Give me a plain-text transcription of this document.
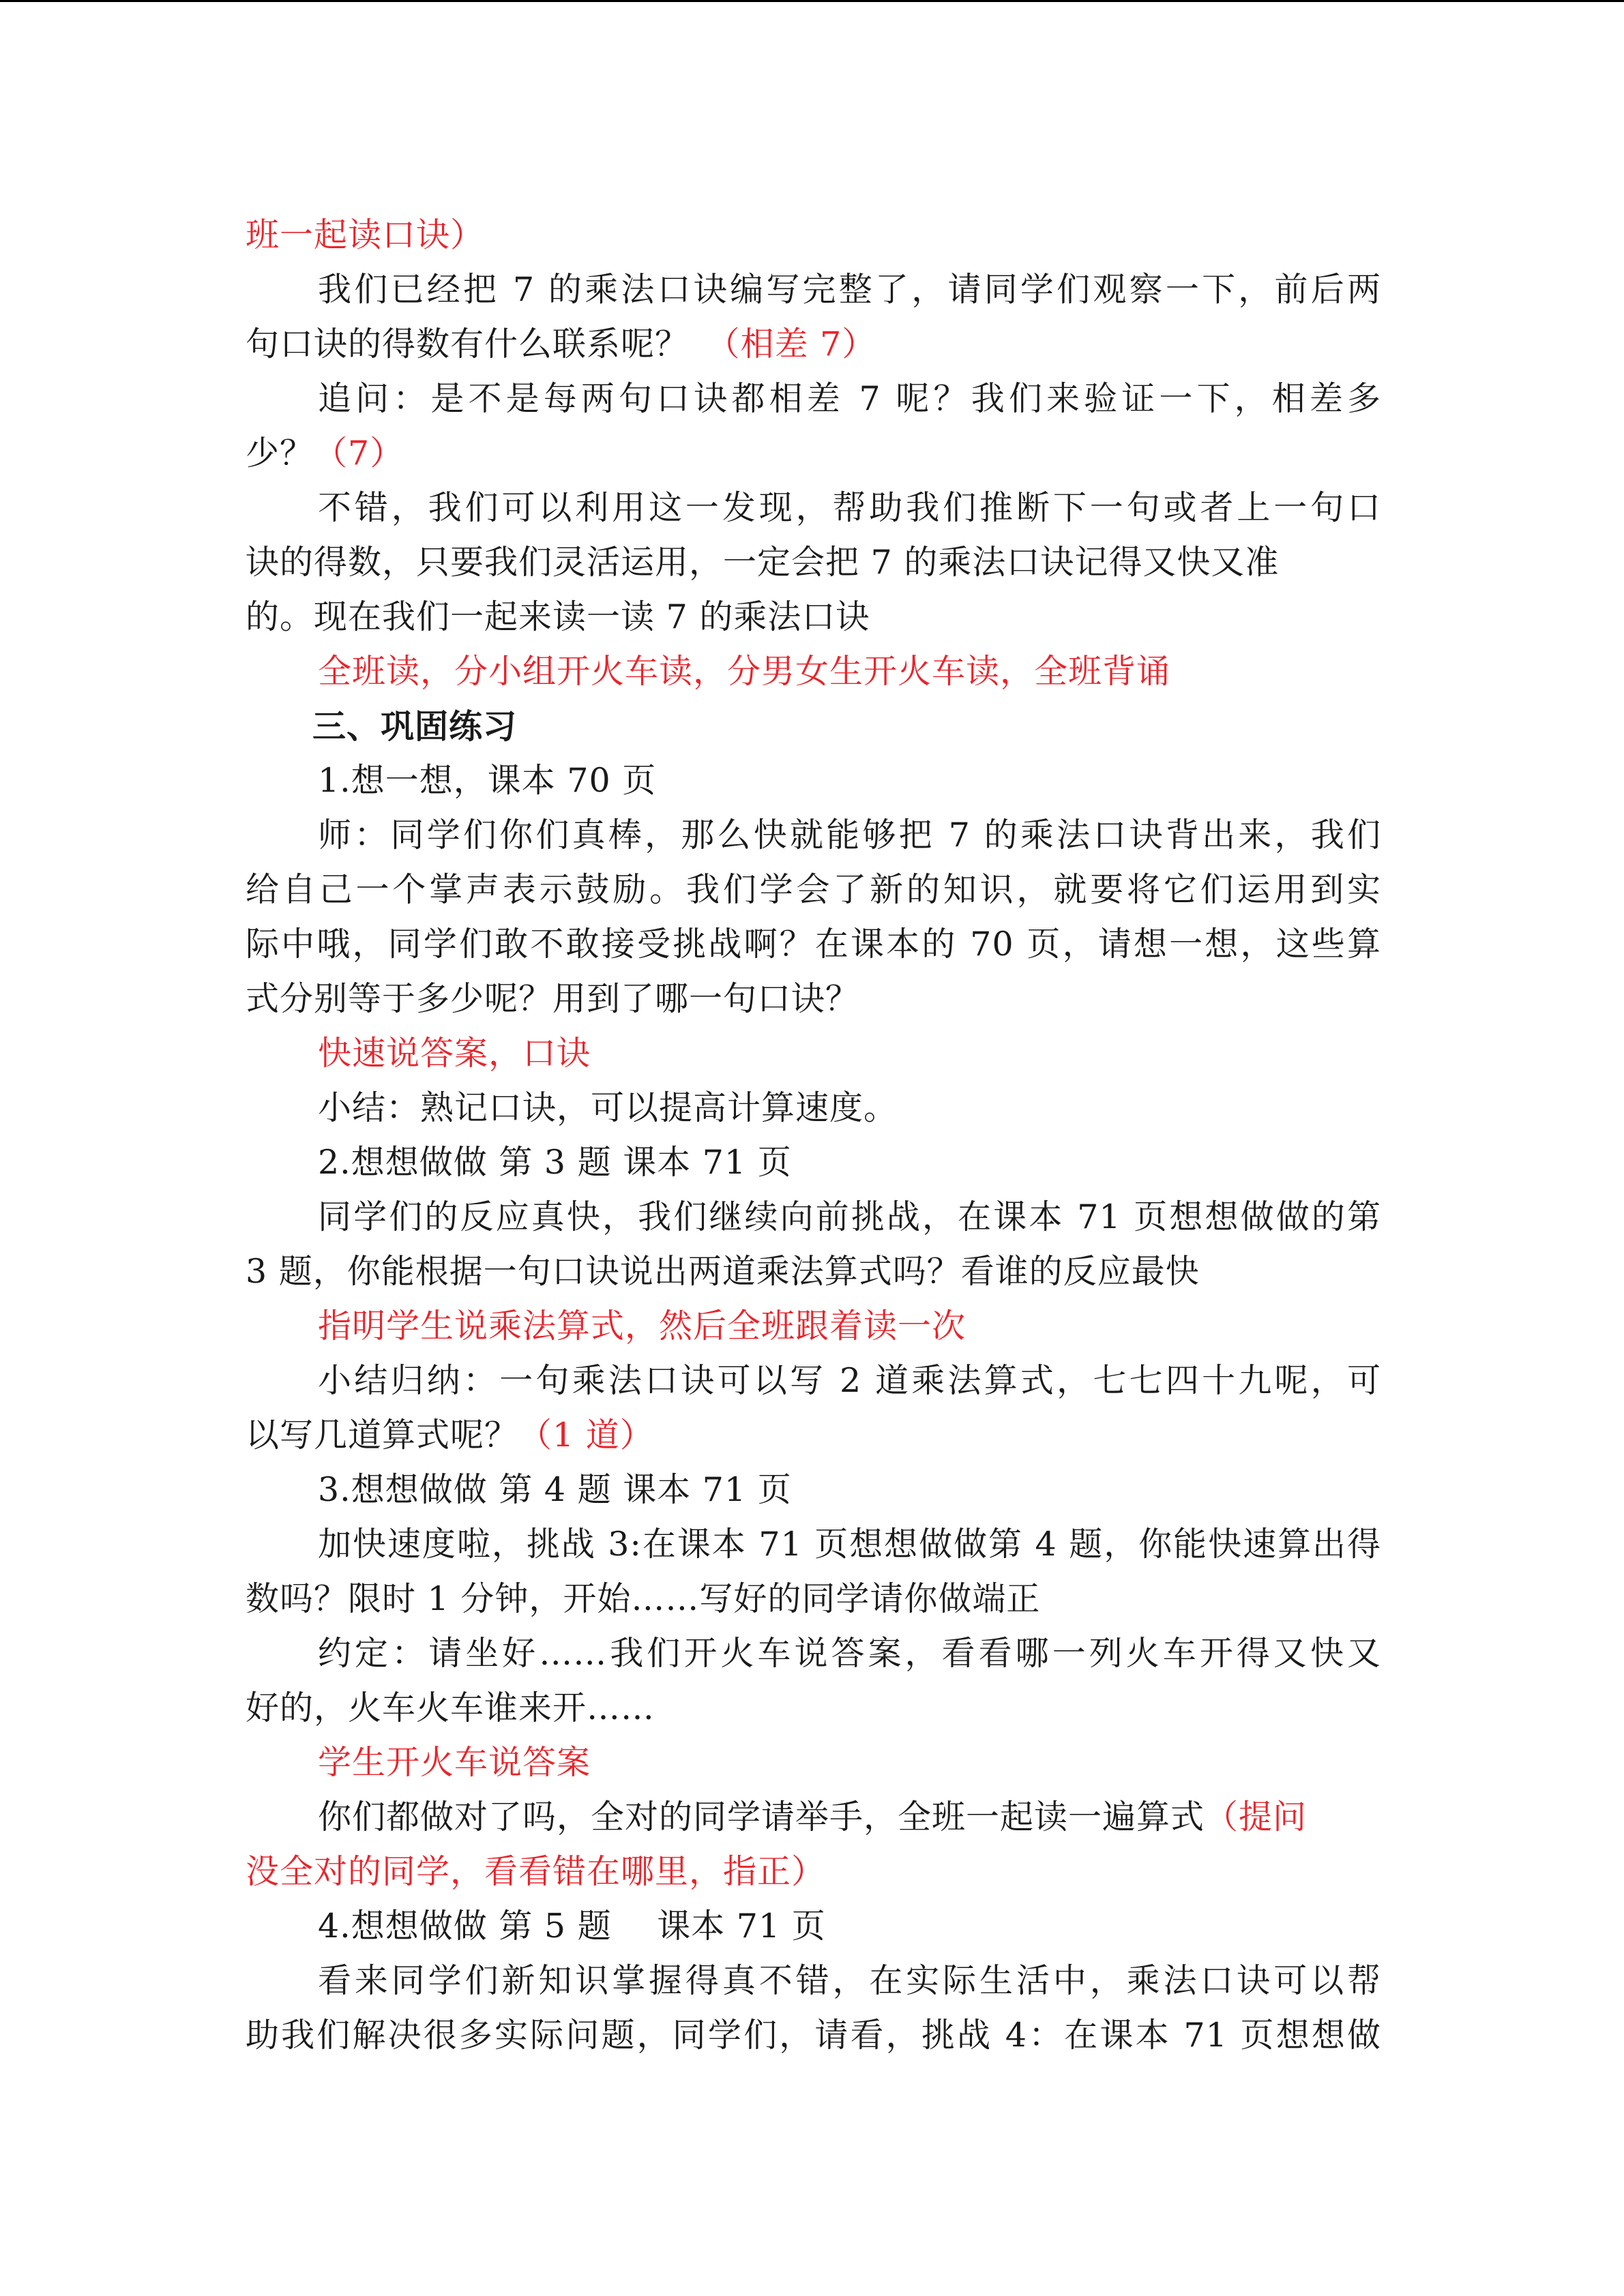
班一起读口诀）
我们已经把 7 的乘法口诀编写完整了，请同学们观察一下，前后两
句口诀的得数有什么联系呢？　（相差 7）
追问：是不是每两句口诀都相差 7 呢？我们来验证一下，相差多
少？（7）
不错，我们可以利用这一发现，帮助我们推断下一句或者上一句口
诀的得数，只要我们灵活运用，一定会把 7 的乘法口诀记得又快又准
的。现在我们一起来读一读 7 的乘法口诀
全班读，分小组开火车读，分男女生开火车读，全班背诵
三、巩固练习
1.想一想，课本 70 页
师：同学们你们真棒，那么快就能够把 7 的乘法口诀背出来，我们
给自己一个掌声表示鼓励。我们学会了新的知识，就要将它们运用到实
际中哦，同学们敢不敢接受挑战啊？在课本的 70 页，请想一想，这些算
式分别等于多少呢？用到了哪一句口诀？
快速说答案，口诀
小结：熟记口诀，可以提高计算速度。
2.想想做做 第 3 题 课本 71 页
同学们的反应真快，我们继续向前挑战，在课本 71 页想想做做的第
3 题，你能根据一句口诀说出两道乘法算式吗？看谁的反应最快
指明学生说乘法算式，然后全班跟着读一次
小结归纳：一句乘法口诀可以写 2 道乘法算式，七七四十九呢，可
以写几道算式呢？（1 道）
3.想想做做 第 4 题 课本 71 页
加快速度啦，挑战 3:在课本 71 页想想做做第 4 题，你能快速算出得
数吗？限时 1 分钟，开始……写好的同学请你做端正
约定：请坐好……我们开火车说答案，看看哪一列火车开得又快又
好的，火车火车谁来开……
学生开火车说答案
你们都做对了吗，全对的同学请举手，全班一起读一遍算式（提问
没全对的同学，看看错在哪里，指正）
4.想想做做 第 5 题　 课本 71 页
看来同学们新知识掌握得真不错，在实际生活中，乘法口诀可以帮
助我们解决很多实际问题，同学们，请看，挑战 4：在课本 71 页想想做
